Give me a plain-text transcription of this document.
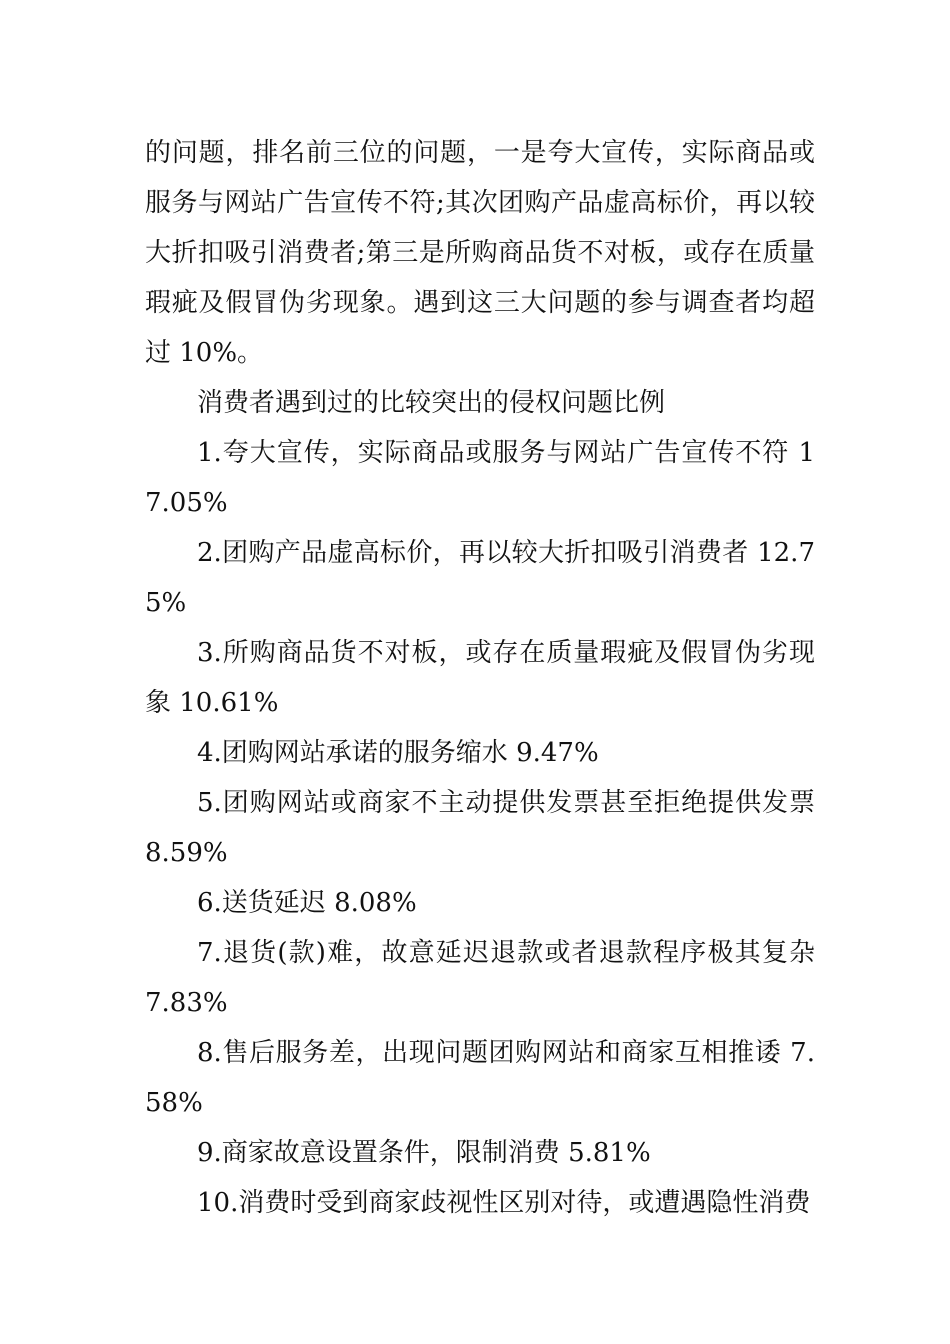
的问题，排名前三位的问题，一是夸大宣传，实际商品或服务与网站广告宣传不符;其次团购产品虚高标价，再以较大折扣吸引消费者;第三是所购商品货不对板，或存在质量瑕疵及假冒伪劣现象。遇到这三大问题的参与调查者均超过 10%。

消费者遇到过的比较突出的侵权问题比例

1.夸大宣传，实际商品或服务与网站广告宣传不符 17.05%

2.团购产品虚高标价，再以较大折扣吸引消费者 12.75%

3.所购商品货不对板，或存在质量瑕疵及假冒伪劣现象 10.61%

4.团购网站承诺的服务缩水 9.47%

5.团购网站或商家不主动提供发票甚至拒绝提供发票 8.59%

6.送货延迟 8.08%

7.退货(款)难，故意延迟退款或者退款程序极其复杂 7.83%

8.售后服务差，出现问题团购网站和商家互相推诿 7.58%

9.商家故意设置条件，限制消费 5.81%

10.消费时受到商家歧视性区别对待，或遭遇隐性消费
